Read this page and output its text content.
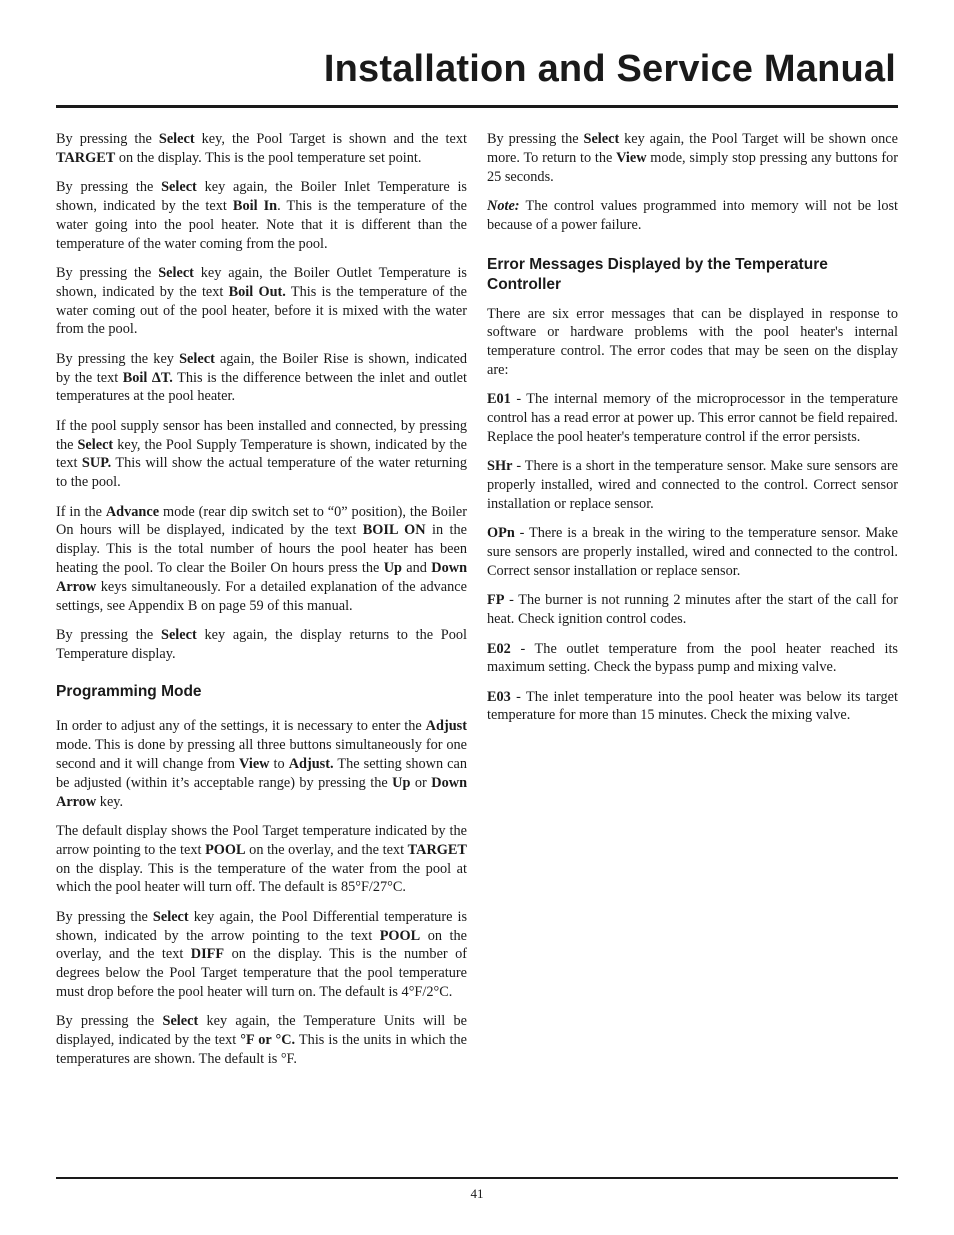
Installation and Service Manual

By pressing the Select key, the Pool Target is shown and the text TARGET on the display. This is the pool temperature set point.

By pressing the Select key again, the Boiler Inlet Temperature is shown, indicated by the text Boil In. This is the temperature of the water going into the pool heater. Note that it is different than the temperature of the water coming from the pool.

By pressing the Select key again, the Boiler Outlet Temperature is shown, indicated by the text Boil Out. This is the temperature of the water coming out of the pool heater, before it is mixed with the water from the pool.

By pressing the key Select again, the Boiler Rise is shown, indicated by the text Boil ΔT. This is the difference between the inlet and outlet temperatures at the pool heater.

If the pool supply sensor has been installed and connected, by pressing the Select key, the Pool Supply Temperature is shown, indicated by the text SUP. This will show the actual temperature of the water returning to the pool.

If in the Advance mode (rear dip switch set to “0” position), the Boiler On hours will be displayed, indicated by the text BOIL ON in the display. This is the total number of hours the pool heater has been heating the pool. To clear the Boiler On hours press the Up and Down Arrow keys simultaneously. For a detailed explanation of the advance settings, see Appendix B on page 59 of this manual.

By pressing the Select key again, the display returns to the Pool Temperature display.

Programming Mode

In order to adjust any of the settings, it is necessary to enter the Adjust mode. This is done by pressing all three buttons simultaneously for one second and it will change from View to Adjust. The setting shown can be adjusted (within it’s acceptable range) by pressing the Up or Down Arrow key.

The default display shows the Pool Target temperature indicated by the arrow pointing to the text POOL on the overlay, and the text TARGET on the display. This is the temperature of the water from the pool at which the pool heater will turn off. The default is 85°F/27°C.

By pressing the Select key again, the Pool Differential temperature is shown, indicated by the arrow pointing to the text POOL on the overlay, and the text DIFF on the display. This is the number of degrees below the Pool Target temperature that the pool temperature must drop before the pool heater will turn on. The default is 4°F/2°C.

By pressing the Select key again, the Temperature Units will be displayed, indicated by the text °F or °C. This is the units in which the temperatures are shown. The default is °F.

By pressing the Select key again, the Pool Target will be shown once more. To return to the View mode, simply stop pressing any buttons for 25 seconds.

Note: The control values programmed into memory will not be lost because of a power failure.

Error Messages Displayed by the Temperature Controller

There are six error messages that can be displayed in response to software or hardware problems with the pool heater's internal temperature control. The error codes that may be seen on the display are:

E01 - The internal memory of the microprocessor in the temperature control has a read error at power up. This error cannot be field repaired. Replace the pool heater's temperature control if the error persists.

SHr - There is a short in the temperature sensor. Make sure sensors are properly installed, wired and connected to the control. Correct sensor installation or replace sensor.

OPn - There is a break in the wiring to the temperature sensor. Make sure sensors are properly installed, wired and connected to the control. Correct sensor installation or replace sensor.

FP - The burner is not running 2 minutes after the start of the call for heat. Check ignition control codes.

E02 - The outlet temperature from the pool heater reached its maximum setting. Check the bypass pump and mixing valve.

E03 - The inlet temperature into the pool heater was below its target temperature for more than 15 minutes. Check the mixing valve.

41
